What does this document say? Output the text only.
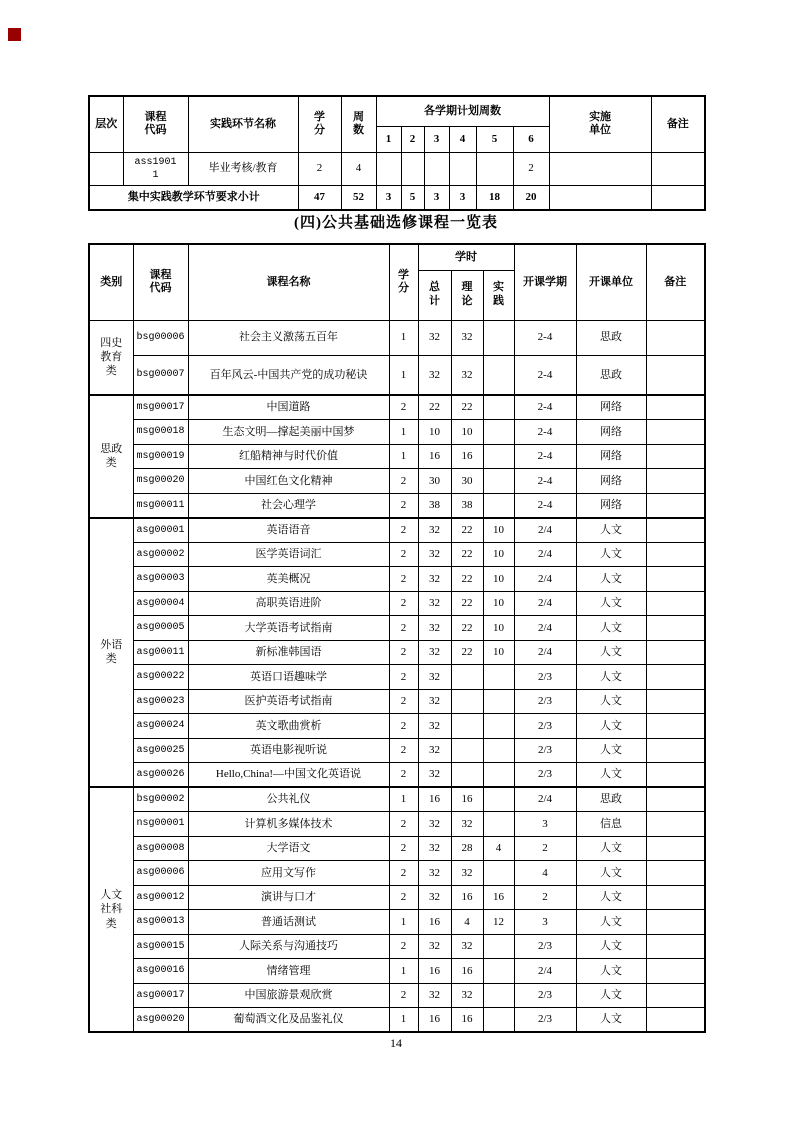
层次	课程代码	实践环节名称	学分	周数	各学期计划周数						实施单位	备注
					1	2	3	4	5	6		
	ass19011	毕业考核/教育	2	4						2		
集中实践教学环节要求小计			47	52	3	5	3	3	18	20		
(四)公共基础选修课程一览表
类别	课程代码	课程名称	学分	学时			开课学期	开课单位	备注
				总计	理论	实践			
四史教育类	bsg00006	社会主义激荡五百年	1	32	32		2-4	思政	
	bsg00007	百年风云-中国共产党的成功秘诀	1	32	32		2-4	思政	
思政类	msg00017	中国道路	2	22	22		2-4	网络	
	msg00018	生态文明—撑起美丽中国梦	1	10	10		2-4	网络	
	msg00019	红船精神与时代价值	1	16	16		2-4	网络	
	msg00020	中国红色文化精神	2	30	30		2-4	网络	
	msg00011	社会心理学	2	38	38		2-4	网络	
外语类	asg00001	英语语音	2	32	22	10	2/4	人文	
	asg00002	医学英语词汇	2	32	22	10	2/4	人文	
	asg00003	英美概况	2	32	22	10	2/4	人文	
	asg00004	高职英语进阶	2	32	22	10	2/4	人文	
	asg00005	大学英语考试指南	2	32	22	10	2/4	人文	
	asg00011	新标准韩国语	2	32	22	10	2/4	人文	
	asg00022	英语口语趣味学	2	32			2/3	人文	
	asg00023	医护英语考试指南	2	32			2/3	人文	
	asg00024	英文歌曲赏析	2	32			2/3	人文	
	asg00025	英语电影视听说	2	32			2/3	人文	
	asg00026	Hello,China!—中国文化英语说	2	32			2/3	人文	
人文社科类	bsg00002	公共礼仪	1	16	16		2/4	思政	
	nsg00001	计算机多媒体技术	2	32	32		3	信息	
	asg00008	大学语文	2	32	28	4	2	人文	
	asg00006	应用文写作	2	32	32		4	人文	
	asg00012	演讲与口才	2	32	16	16	2	人文	
	asg00013	普通话测试	1	16	4	12	3	人文	
	asg00015	人际关系与沟通技巧	2	32	32		2/3	人文	
	asg00016	情绪管理	1	16	16		2/4	人文	
	asg00017	中国旅游景观欣赏	2	32	32		2/3	人文	
	asg00020	葡萄酒文化及品鉴礼仪	1	16	16		2/3	人文	
14
